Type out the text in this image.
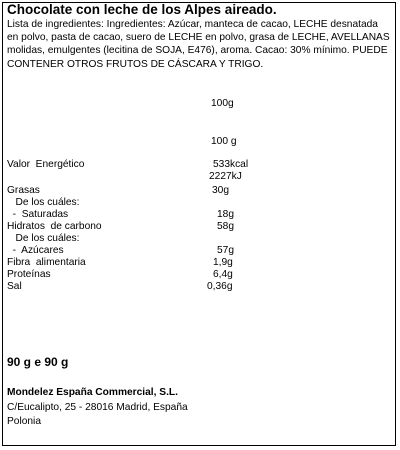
Chocolate con leche de los Alpes aireado.
Lista de ingredientes: Ingredientes: Azúcar, manteca de cacao, LECHE desnatada en polvo, pasta de cacao, suero de LECHE en polvo, grasa de LECHE, AVELLANAS molidas, emulgentes (lecitina de SOJA, E476), aroma. Cacao: 30% mínimo. PUEDE CONTENER OTROS FRUTOS DE CÁSCARA Y TRIGO.
100g
100 g
Valor  Energético	533kcal
2227kJ
Grasas	30g
De los cuáles:
-  Saturadas	18g
Hidratos  de carbono	58g
De los cuáles:
-  Azúcares	57g
Fibra  alimentaria	1,9g
Proteínas	6,4g
Sal	0,36g
90 g e 90 g
Mondelez España Commercial, S.L.
C/Eucalipto, 25 - 28016 Madrid, España
Polonia
